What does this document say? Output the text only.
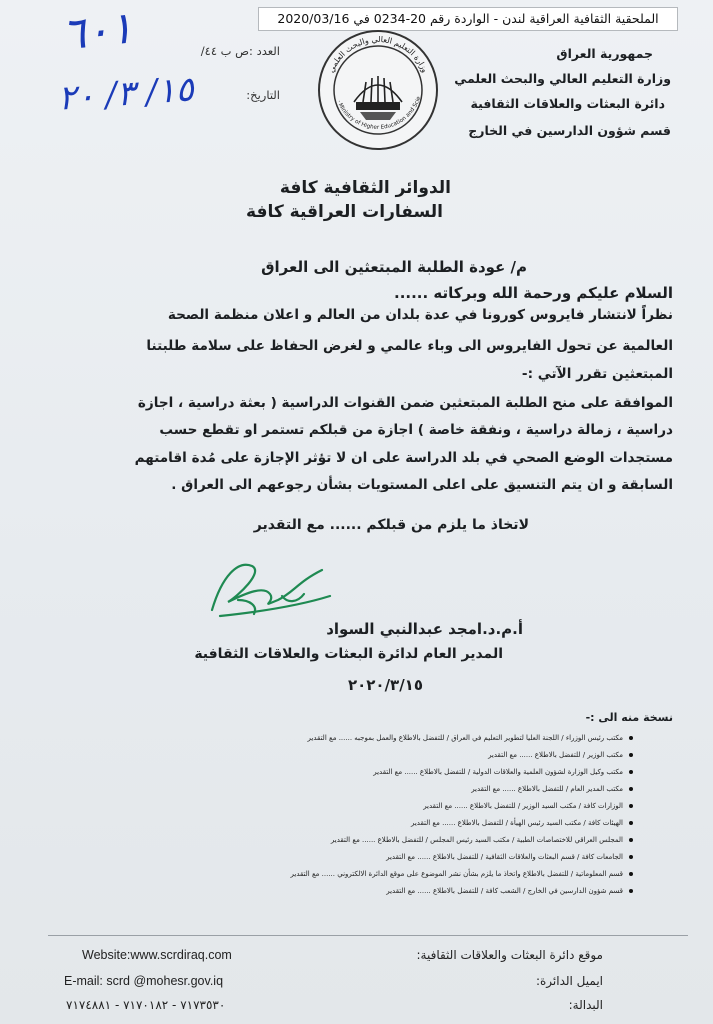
الملحقية الثقافية العراقية لندن - الواردة رقم 20-0234 في 2020/03/16
٦٠١
١٥/ ٣/ ٢٠
العدد :ص ب ٤٤/
التاريخ:
وزارة التعليم العالي والبحث العلمي
· Ministry of Higher Education and Scie
جمهورية العراق
وزارة التعليم العالي والبحث العلمي
دائرة البعثات والعلاقات الثقافية
قسم شؤون الدارسين في الخارج
الدوائر الثقافية كافة
السفارات العراقية كافة
م/ عودة الطلبة المبتعثين الى العراق
السلام عليكم ورحمة الله وبركاته ......
نظراً لانتشار فايروس كورونا في عدة بلدان من العالم و اعلان منظمة الصحة
العالمية عن تحول الفايروس الى وباء عالمي و لغرض الحفاظ على سلامة طلبتنا
المبتعثين تقرر الآتي :-
الموافقة على منح الطلبة المبتعثين ضمن القنوات الدراسية ( بعثة دراسية ، اجازة
دراسية ، زمالة دراسية ، ونفقة خاصة ) اجازة من قبلكم تستمر او تقطع حسب
مستجدات الوضع الصحي في بلد الدراسة على ان لا تؤثر الإجازة على مُدة اقامتهم
السابقة و ان يتم التنسيق على اعلى المستويات بشأن رجوعهم الى العراق .
لاتخاذ ما يلزم من قبلكم ...... مع التقدير
أ.م.د.امجد عبدالنبي السواد
المدير العام لدائرة البعثات والعلاقات الثقافية
٢٠٢٠/٣/١٥
نسخة منه الى :-
مكتب رئيس الوزراء / اللجنة العليا لتطوير التعليم في العراق / للتفضل بالاطلاع والعمل بموجبه ...... مع التقدير
مكتب الوزير / للتفضل بالاطلاع ...... مع التقدير
مكتب وكيل الوزارة لشؤون العلمية والعلاقات الدولية / للتفضل بالاطلاع ...... مع التقدير
مكتب المدير العام / للتفضل بالاطلاع ...... مع التقدير
الوزارات كافة / مكتب السيد الوزير / للتفضل بالاطلاع ...... مع التقدير
الهيئات كافة / مكتب السيد رئيس الهيأة / للتفضل بالاطلاع ...... مع التقدير
المجلس العراقي للاختصاصات الطبية / مكتب السيد رئيس المجلس / للتفضل بالاطلاع ...... مع التقدير
الجامعات كافة / قسم البعثات والعلاقات الثقافية / للتفضل بالاطلاع ...... مع التقدير
قسم المعلوماتية / للتفضل بالاطلاع واتخاذ ما يلزم بشأن نشر الموضوع على موقع الدائرة الالكتروني ...... مع التقدير
قسم شؤون الدارسين في الخارج / الشعب كافة / للتفضل بالاطلاع ...... مع التقدير
Website:www.scrdiraq.com
E-mail: scrd @mohesr.gov.iq
٧١٧٣٥٣٠ - ٧١٧٠١٨٢ - ٧١٧٤٨٨١
موقع دائرة البعثات والعلاقات الثقافية:
ايميل الدائرة:
البدالة:
